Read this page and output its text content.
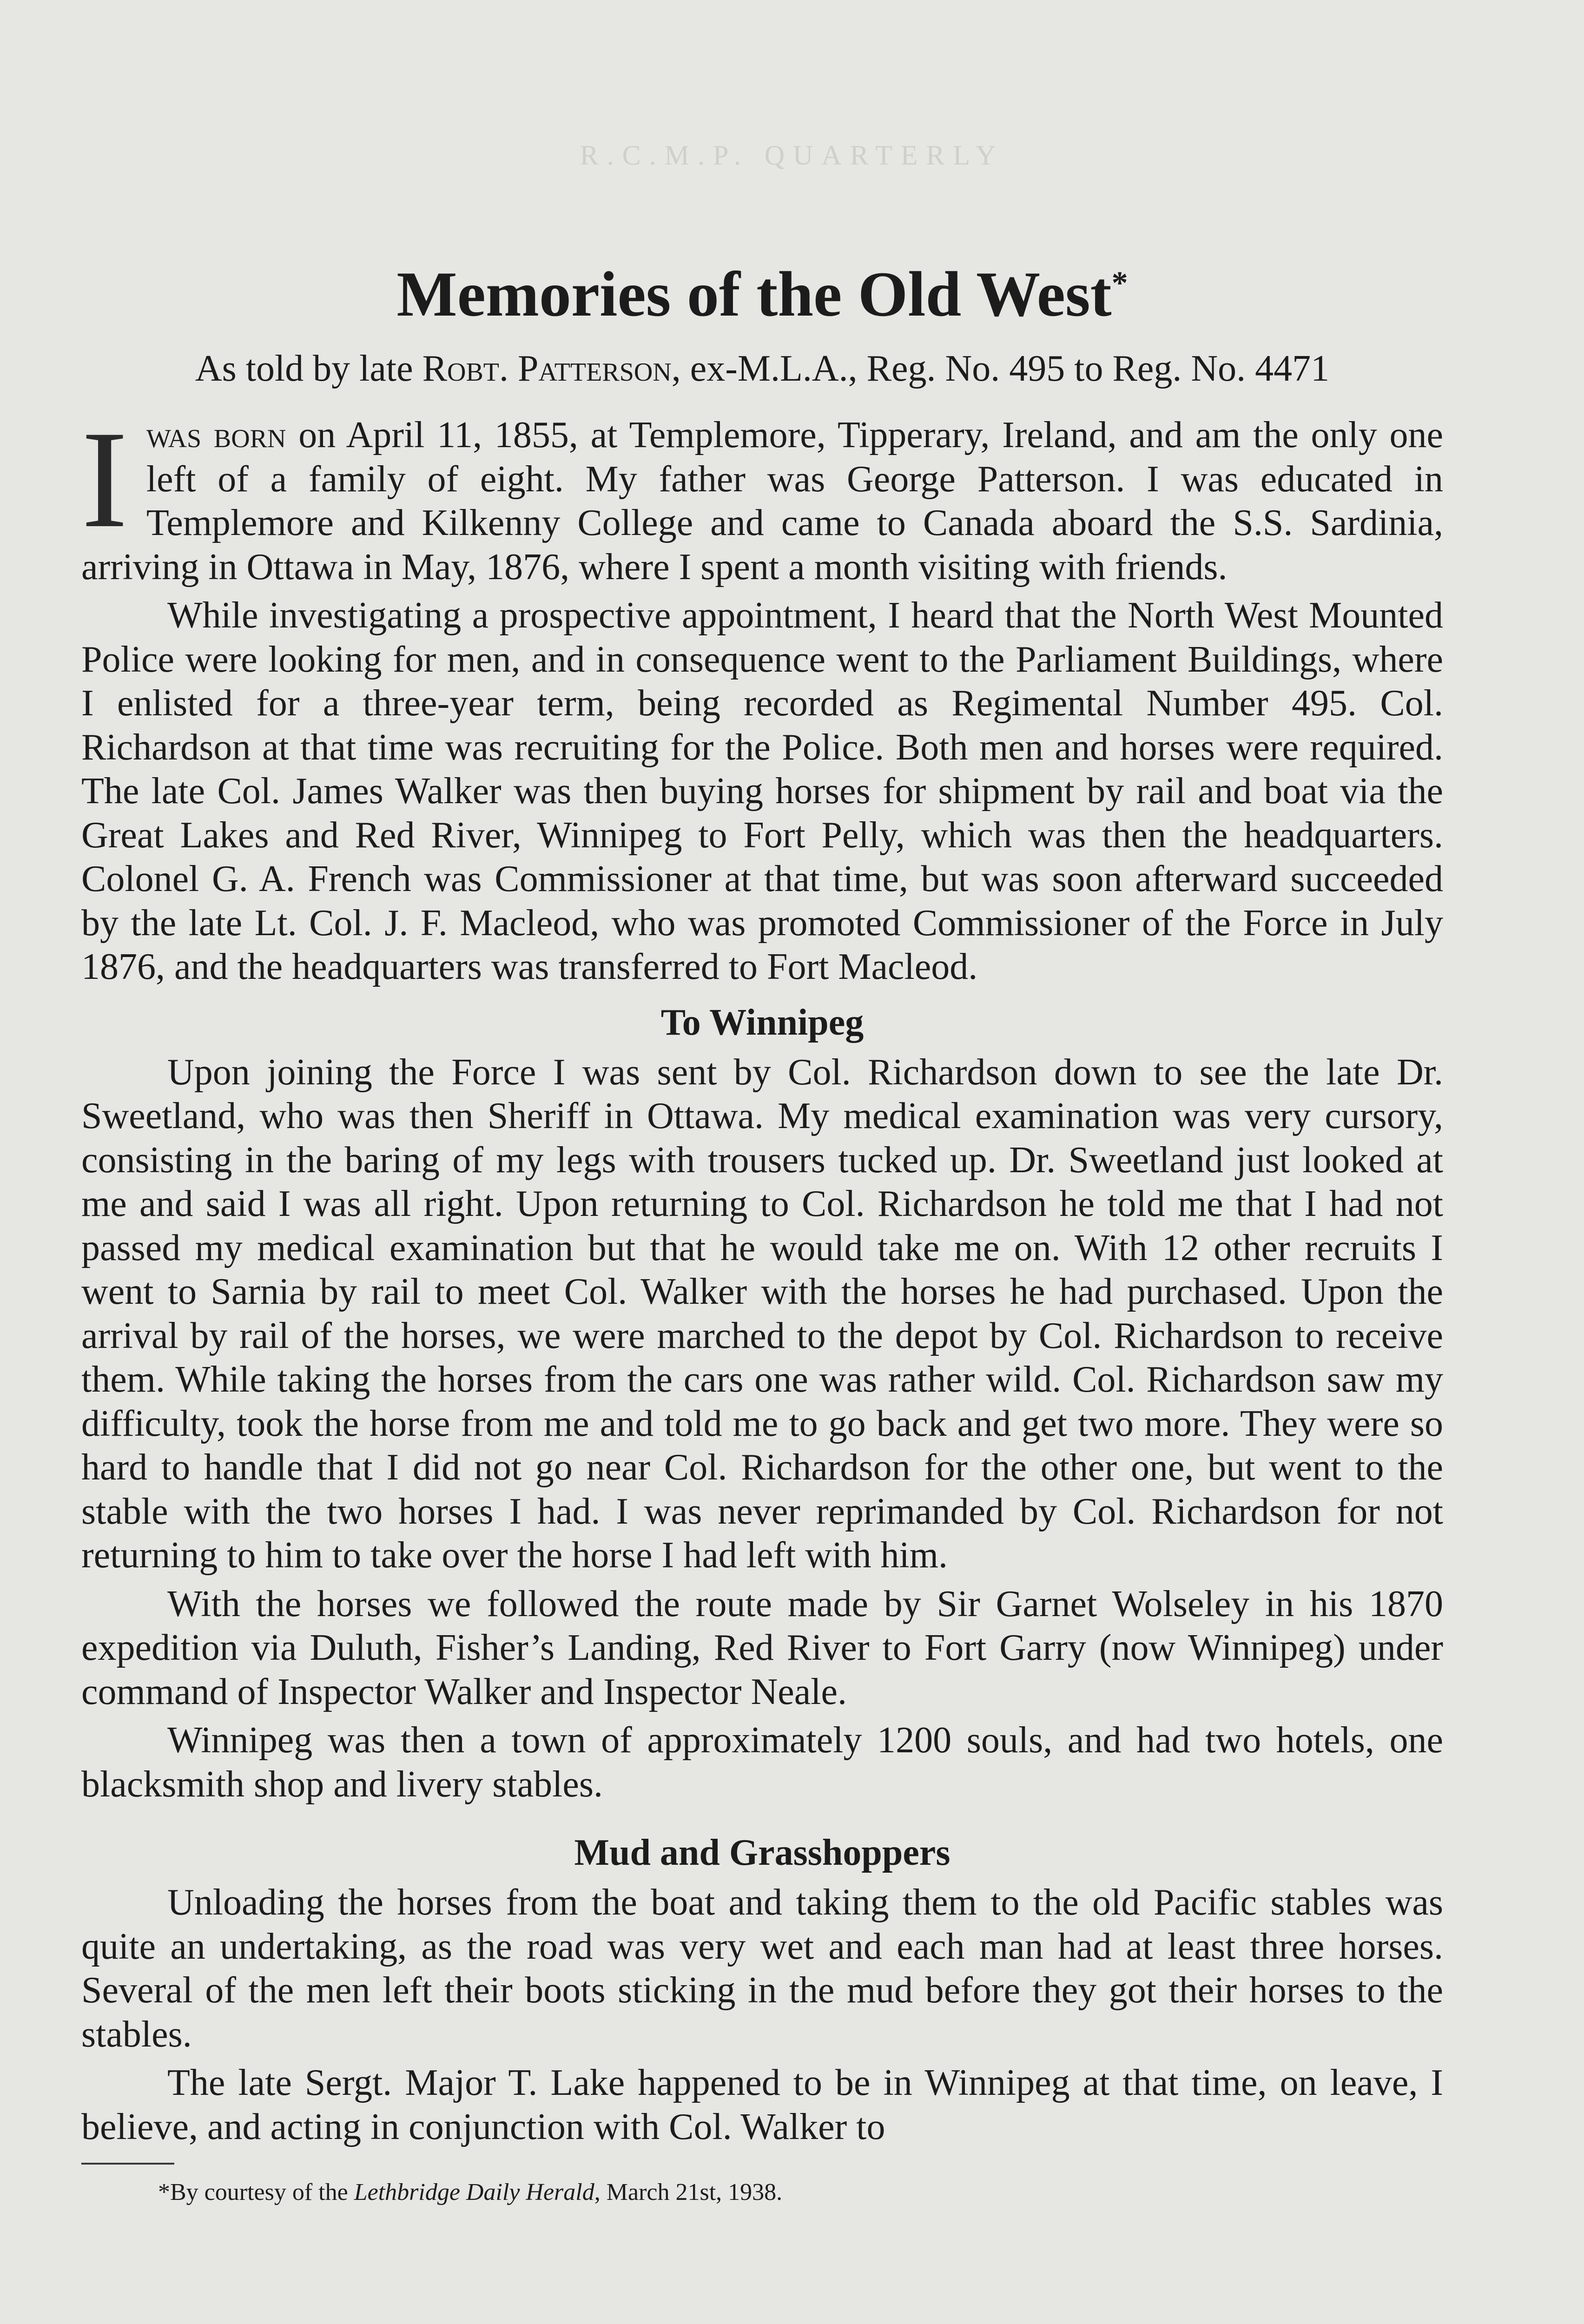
R.C.M.P. QUARTERLY
Memories of the Old West*
As told by late Robt. Patterson, ex-M.L.A., Reg. No. 495 to Reg. No. 4471

Iwas born on April 11, 1855, at Templemore, Tipperary, Ireland, and am the only one left of a family of eight. My father was George Patterson. I was educated in Templemore and Kilkenny College and came to Canada aboard the S.S. Sardinia, arriving in Ottawa in May, 1876, where I spent a month visiting with friends.

While investigating a prospective appointment, I heard that the North West Mounted Police were looking for men, and in consequence went to the Parliament Buildings, where I enlisted for a three-year term, being recorded as Regimental Number 495. Col. Richardson at that time was recruiting for the Police. Both men and horses were required. The late Col. James Walker was then buying horses for shipment by rail and boat via the Great Lakes and Red River, Winnipeg to Fort Pelly, which was then the headquarters. Colonel G. A. French was Commissioner at that time, but was soon afterward succeeded by the late Lt. Col. J. F. Macleod, who was promoted Commissioner of the Force in July 1876, and the headquarters was transferred to Fort Macleod.

To Winnipeg

Upon joining the Force I was sent by Col. Richardson down to see the late Dr. Sweetland, who was then Sheriff in Ottawa. My medical examination was very cursory, consisting in the baring of my legs with trousers tucked up. Dr. Sweetland just looked at me and said I was all right. Upon returning to Col. Richardson he told me that I had not passed my medical examination but that he would take me on. With 12 other recruits I went to Sarnia by rail to meet Col. Walker with the horses he had purchased. Upon the arrival by rail of the horses, we were marched to the depot by Col. Richardson to receive them. While taking the horses from the cars one was rather wild. Col. Richardson saw my difficulty, took the horse from me and told me to go back and get two more. They were so hard to handle that I did not go near Col. Richardson for the other one, but went to the stable with the two horses I had. I was never reprimanded by Col. Richardson for not returning to him to take over the horse I had left with him.

With the horses we followed the route made by Sir Garnet Wolseley in his 1870 expedition via Duluth, Fisher’s Landing, Red River to Fort Garry (now Winnipeg) under command of Inspector Walker and Inspector Neale.

Winnipeg was then a town of approximately 1200 souls, and had two hotels, one blacksmith shop and livery stables.

Mud and Grasshoppers

Unloading the horses from the boat and taking them to the old Pacific stables was quite an undertaking, as the road was very wet and each man had at least three horses. Several of the men left their boots sticking in the mud before they got their horses to the stables.

The late Sergt. Major T. Lake happened to be in Winnipeg at that time, on leave, I believe, and acting in conjunction with Col. Walker to

*By courtesy of the Lethbridge Daily Herald, March 21st, 1938.
